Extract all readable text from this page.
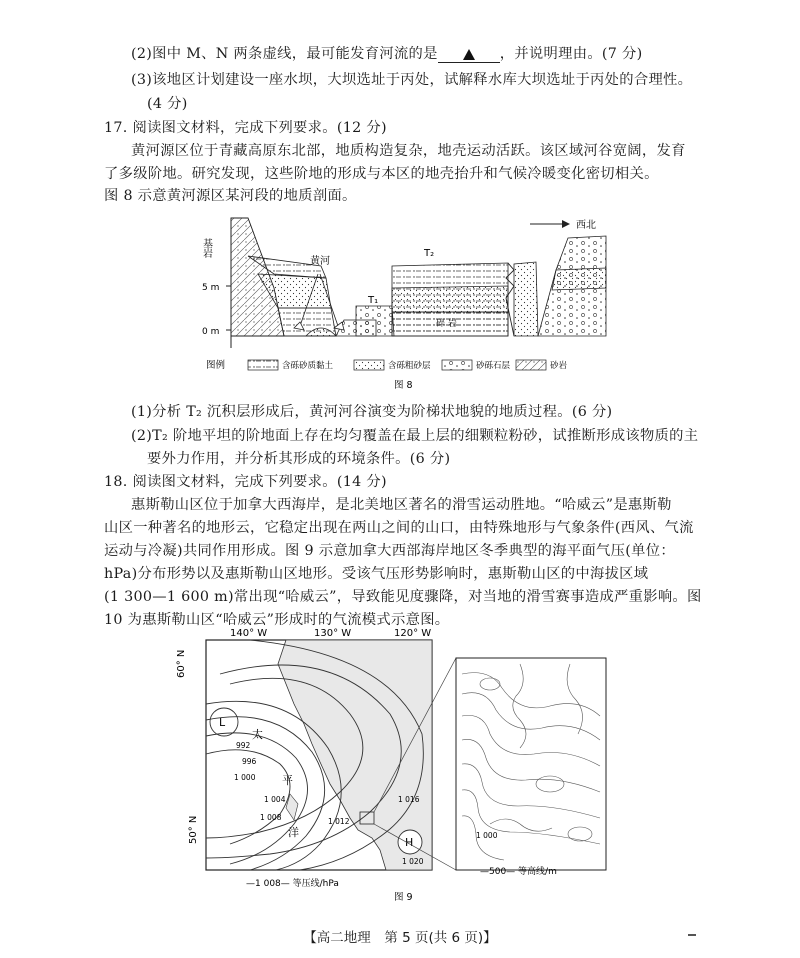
(2)图中 M、N 两条虚线，最可能发育河流的是	，并说明理由。(7 分)
(3)该地区计划建设一座水坝，大坝选址于丙处，试解释水库大坝选址于丙处的合理性。
(4 分)
17. 阅读图文材料，完成下列要求。(12 分)
黄河源区位于青藏高原东北部，地质构造复杂，地壳运动活跃。该区域河谷宽阔，发育
了多级阶地。研究发现，这些阶地的形成与本区的地壳抬升和气候冷暖变化密切相关。
图 8 示意黄河源区某河段的地质剖面。
5 m
0 m
基岩
黄河
T₁
T₂
碎 岩
西北
图例	含砾砂质黏土	含砾粗砂层	砂砾石层	砂岩
图 8
(1)分析 T₂ 沉积层形成后，黄河河谷演变为阶梯状地貌的地质过程。(6 分)
(2)T₂ 阶地平坦的阶地面上存在均匀覆盖在最上层的细颗粒粉砂，试推断形成该物质的主
要外力作用，并分析其形成的环境条件。(6 分)
18. 阅读图文材料，完成下列要求。(14 分)
惠斯勒山区位于加拿大西海岸，是北美地区著名的滑雪运动胜地。“哈威云”是惠斯勒
山区一种著名的地形云，它稳定出现在两山之间的山口，由特殊地形与气象条件(西风、气流
运动与冷凝)共同作用形成。图 9 示意加拿大西部海岸地区冬季典型的海平面气压(单位：
hPa)分布形势以及惠斯勒山区地形。受该气压形势影响时，惠斯勒山区的中海拔区域
(1 300—1 600 m)常出现“哈威云”，导致能见度骤降，对当地的滑雪赛事造成严重影响。图
10 为惠斯勒山区“哈威云”形成时的气流模式示意图。
140° W	130° W	120° W
60° N
50° N
L
H
太
平
洋
992
996
1 000
1 004
1 008	1 012
1 016
1 020
1 000
—1 008— 等压线/hPa
—500— 等高线/m
图 9
【高二地理　第 5 页(共 6 页)】
